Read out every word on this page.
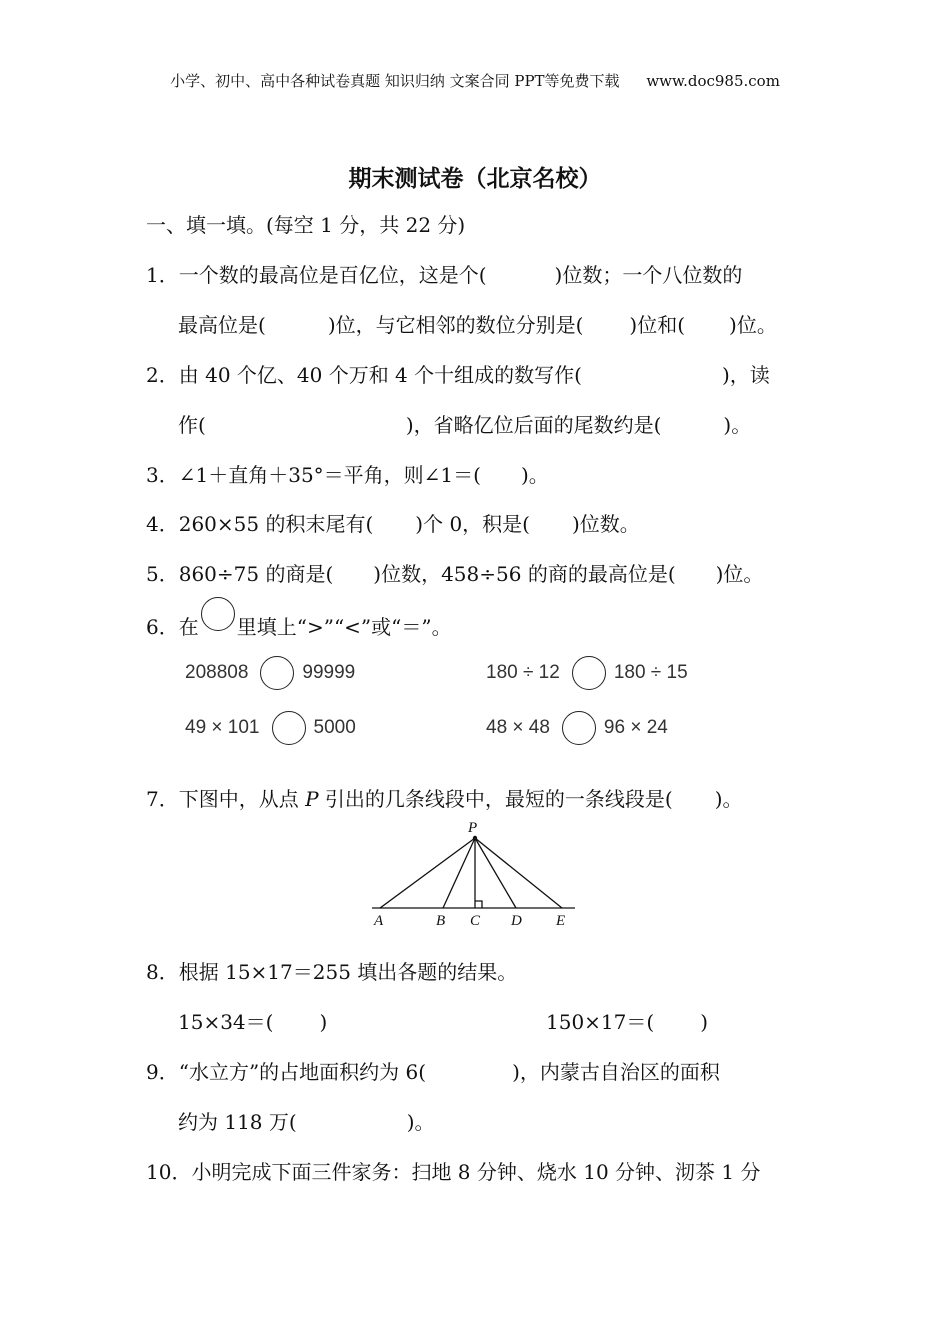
小学、初中、高中各种试卷真题 知识归纳 文案合同 PPT等免费下载 www.doc985.com
期末测试卷（北京名校）
一、填一填。(每空 1 分，共 22 分)
1．一个数的最高位是百亿位，这是个(	)位数；一个八位数的
最高位是(	)位，与它相邻的数位分别是( )位和( )位。
2．由 40 个亿、40 个万和 4 个十组成的数写作(	)，读
作(	)，省略亿位后面的尾数约是(	)。
3．∠1＋直角＋35°＝平角，则∠1＝( )。
4．260×55 的积末尾有( )个 0，积是( )位数。
5．860÷75 的商是( )位数，458÷56 的商的最高位是( )位。
6．在 里填上“>”“<”或“＝”。
208808	99999	180 ÷ 12	180 ÷ 15
49 × 101	5000	48 × 48	96 × 24
7．下图中，从点 P 引出的几条线段中，最短的一条线段是( )。
P
A	B C D E
8．根据 15×17＝255 填出各题的结果。
15×34＝( )	150×17＝( )
9．“水立方”的占地面积约为 6(	)，内蒙古自治区的面积
约为 118 万(	)。
10．小明完成下面三件家务：扫地 8 分钟、烧水 10 分钟、沏茶 1 分
